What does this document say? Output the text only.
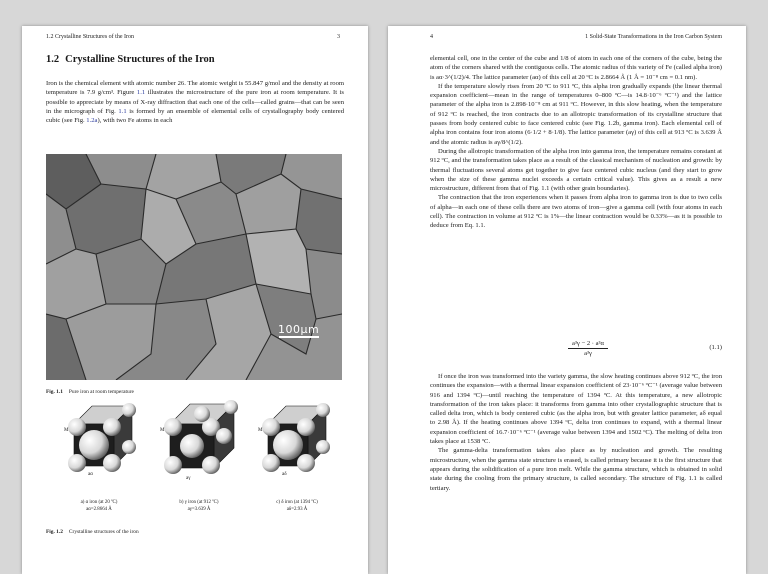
1.2 Crystalline Structures of the Iron	3
1.2 Crystalline Structures of the Iron
Iron is the chemical element with atomic number 26. The atomic weight is 55.847 g/mol and the density at room temperature is 7.9 g/cm³. Figure 1.1 illustrates the microstructure of the pure iron at room temperature. It is possible to appreciate by means of X-ray diffraction that each one of the cells—called grains—that can be seen in the micrograph of Fig. 1.1 is formed by an ensemble of elemental cells of crystallography body centered cubic (see Fig. 1.2a), with two Fe atoms in each
100μm
Fig. 1.1 Pure iron at room temperature
M
aα
M
aγ
M
aδ
a) α iron (at 20 ºC)
aα=2.8664 Å
b) γ iron (at 912 ºC)
aγ=3.639 Å
c) δ iron (at 1394 ºC)
aδ=2.93 Å
Fig. 1.2 Crystalline structures of the iron
4	1 Solid-State Transformations in the Iron Carbon System

elemental cell, one in the center of the cube and 1/8 of atom in each one of the corners of the cube, being the atom of the corners shared with the contiguous cells. The atomic radius of this variety of Fe (called alpha iron) is aα·3^(1/2)/4. The lattice parameter (aα) of this cell at 20 ºC is 2.8664 Å (1 Å = 10⁻⁸ cm = 0.1 nm).

If the temperature slowly rises from 20 ºC to 911 ºC, this alpha iron gradually expands (the linear thermal expansion coefficient—mean in the range of temperatures 0–800 ºC—is 14.8·10⁻⁶ ºC⁻¹) and the lattice parameter of the alpha iron is 2.898·10⁻⁸ cm at 911 ºC. However, in this slow heating, when the temperature of 912 ºC is reached, the iron contracts due to an allotropic transformation of its crystalline structure that passes from body centered cubic to face centered cubic (see Fig. 1.2b, gamma iron). Each elemental cell of alpha iron contains four iron atoms (6·1/2 + 8·1/8). The lattice parameter (aγ) of this cell at 913 ºC is 3.639 Å and the atomic radius is aγ/8^(1/2).

During the allotropic transformation of the alpha iron into gamma iron, the temperature remains constant at 912 ºC, and the transformation takes place as a result of the classical mechanism of nucleation and growth: by thermal fluctuations several atoms get together to give face centered cubic nucleus (and they start to grow when the size of these gamma nuclei exceeds a certain critical value). This gives as a result a new microstructure, different from that of Fig. 1.1 (with other grain boundaries).

The contraction that the iron experiences when it passes from alpha iron to gamma iron is due to two cells of alpha—in each one of these cells there are two atoms of iron—give a gamma cell (with four atoms in each cell). The contraction in volume at 912 ºC is 1%—the linear contraction would be 0.33%—as it is possible to deduce from Eq. 1.1.

$\frac{\text{a³γ − 2 · a³α}}{\text{a³γ}}$	(1.1)

If once the iron was transformed into the variety gamma, the slow heating continues above 912 ºC, the iron continues the expansion—with a thermal linear expansion coefficient of 23·10⁻⁶ ºC⁻¹ (average value between 916 and 1394 ºC)—until reaching the temperature of 1394 ºC. At this temperature, a new allotropic transformation of the iron takes place: it transforms from gamma into other crystallographic structure that is called delta iron, which is body centered cubic (as the alpha iron, but with greater lattice parameter, aδ equal to 2.98 Å). If the heating continues above 1394 ºC, delta iron continues to expand, with a thermal linear expansion coefficient of 16.7·10⁻⁶ ºC⁻¹ (average value between 1394 and 1502 ºC). The melting of delta iron takes place at 1538 ºC.

The gamma-delta transformation takes also place as by nucleation and growth. The resulting microstructure, when the gamma state structure is erased, is called primary because it is the first structure that appears during the solidification of a pure iron melt. While the gamma structure, which is obtained in solid state during the cooling from the primary structure, is called secondary. The structure of Fig. 1.1 is called tertiary.
